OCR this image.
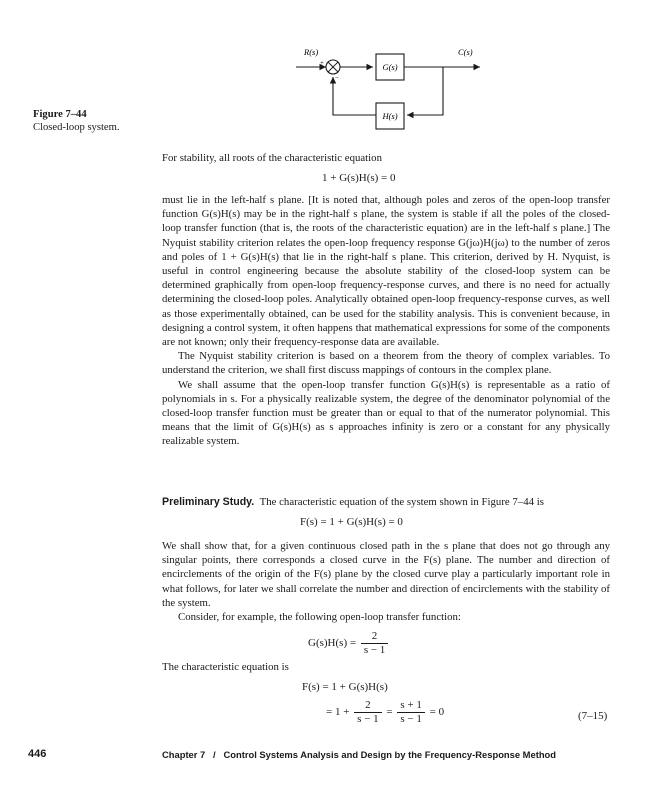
R(s)	C(s)
+
−
G(s)
H(s)
Figure 7–44
Closed-loop system.

For stability, all roots of the characteristic equation

1 + G(s)H(s) = 0

must lie in the left-half s plane. [It is noted that, although poles and zeros of the open-loop transfer function G(s)H(s) may be in the right-half s plane, the system is stable if all the poles of the closed-loop transfer function (that is, the roots of the characteristic equation) are in the left-half s plane.] The Nyquist stability criterion relates the open-loop frequency response G(jω)H(jω) to the number of zeros and poles of 1 + G(s)H(s) that lie in the right-half s plane. This criterion, derived by H. Nyquist, is useful in control engineering because the absolute stability of the closed-loop system can be determined graphically from open-loop frequency-response curves, and there is no need for actually determining the closed-loop poles. Analytically obtained open-loop frequency-response curves, as well as those experimentally obtained, can be used for the stability analysis. This is convenient because, in designing a control system, it often happens that mathematical expressions for some of the components are not known; only their frequency-response data are available.

The Nyquist stability criterion is based on a theorem from the theory of complex variables. To understand the criterion, we shall first discuss mappings of contours in the complex plane.

We shall assume that the open-loop transfer function G(s)H(s) is representable as a ratio of polynomials in s. For a physically realizable system, the degree of the denominator polynomial of the closed-loop transfer function must be greater than or equal to that of the numerator polynomial. This means that the limit of G(s)H(s) as s approaches infinity is zero or a constant for any physically realizable system.

Preliminary Study. The characteristic equation of the system shown in Figure 7–44 is

F(s) = 1 + G(s)H(s) = 0

We shall show that, for a given continuous closed path in the s plane that does not go through any singular points, there corresponds a closed curve in the F(s) plane. The number and direction of encirclements of the origin of the F(s) plane by the closed curve play a particularly important role in what follows, for later we shall correlate the number and direction of encirclements with the stability of the system.

Consider, for example, the following open-loop transfer function:

$G(s)H(s) = \frac{2}{s - 1}$

The characteristic equation is

F(s) = 1 + G(s)H(s)
= $1 + \frac{2}{s - 1} = \frac{s + 1}{s - 1} = 0$	(7–15)
446	Chapter 7   /   Control Systems Analysis and Design by the Frequency-Response Method
